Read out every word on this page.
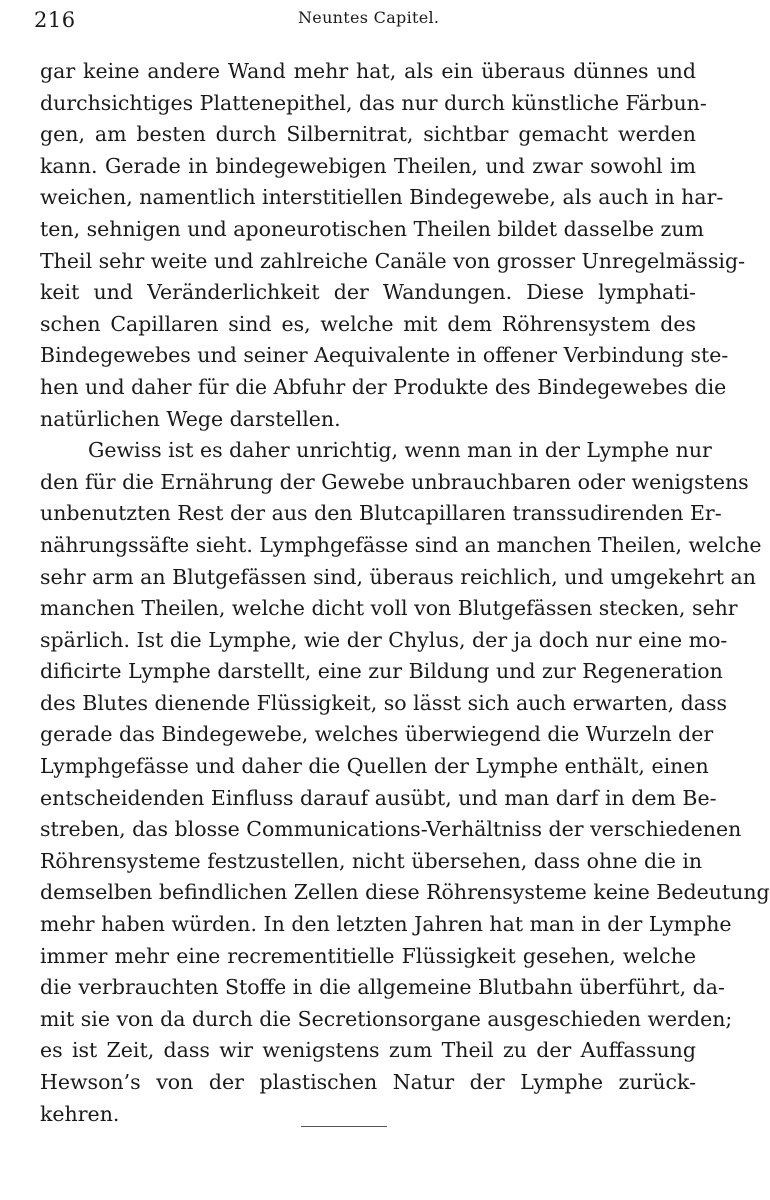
216	Neuntes Capitel.
gar keine andere Wand mehr hat, als ein überaus dünnes und
durchsichtiges Plattenepithel, das nur durch künstliche Färbun-
gen, am besten durch Silbernitrat, sichtbar gemacht werden
kann. Gerade in bindegewebigen Theilen, und zwar sowohl im
weichen, namentlich interstitiellen Bindegewebe, als auch in har-
ten, sehnigen und aponeurotischen Theilen bildet dasselbe zum
Theil sehr weite und zahlreiche Canäle von grosser Unregelmässig-
keit und Veränderlichkeit der Wandungen. Diese lymphati-
schen Capillaren sind es, welche mit dem Röhrensystem des
Bindegewebes und seiner Aequivalente in offener Verbindung ste-
hen und daher für die Abfuhr der Produkte des Bindegewebes die
natürlichen Wege darstellen.
Gewiss ist es daher unrichtig, wenn man in der Lymphe nur
den für die Ernährung der Gewebe unbrauchbaren oder wenigstens
unbenutzten Rest der aus den Blutcapillaren transsudirenden Er-
nährungssäfte sieht. Lymphgefässe sind an manchen Theilen, welche
sehr arm an Blutgefässen sind, überaus reichlich, und umgekehrt an
manchen Theilen, welche dicht voll von Blutgefässen stecken, sehr
spärlich. Ist die Lymphe, wie der Chylus, der ja doch nur eine mo-
dificirte Lymphe darstellt, eine zur Bildung und zur Regeneration
des Blutes dienende Flüssigkeit, so lässt sich auch erwarten, dass
gerade das Bindegewebe, welches überwiegend die Wurzeln der
Lymphgefässe und daher die Quellen der Lymphe enthält, einen
entscheidenden Einfluss darauf ausübt, und man darf in dem Be-
streben, das blosse Communications-Verhältniss der verschiedenen
Röhrensysteme festzustellen, nicht übersehen, dass ohne die in
demselben befindlichen Zellen diese Röhrensysteme keine Bedeutung
mehr haben würden. In den letzten Jahren hat man in der Lymphe
immer mehr eine recrementitielle Flüssigkeit gesehen, welche
die verbrauchten Stoffe in die allgemeine Blutbahn überführt, da-
mit sie von da durch die Secretionsorgane ausgeschieden werden;
es ist Zeit, dass wir wenigstens zum Theil zu der Auffassung
Hewson’s von der plastischen Natur der Lymphe zurück-
kehren.
